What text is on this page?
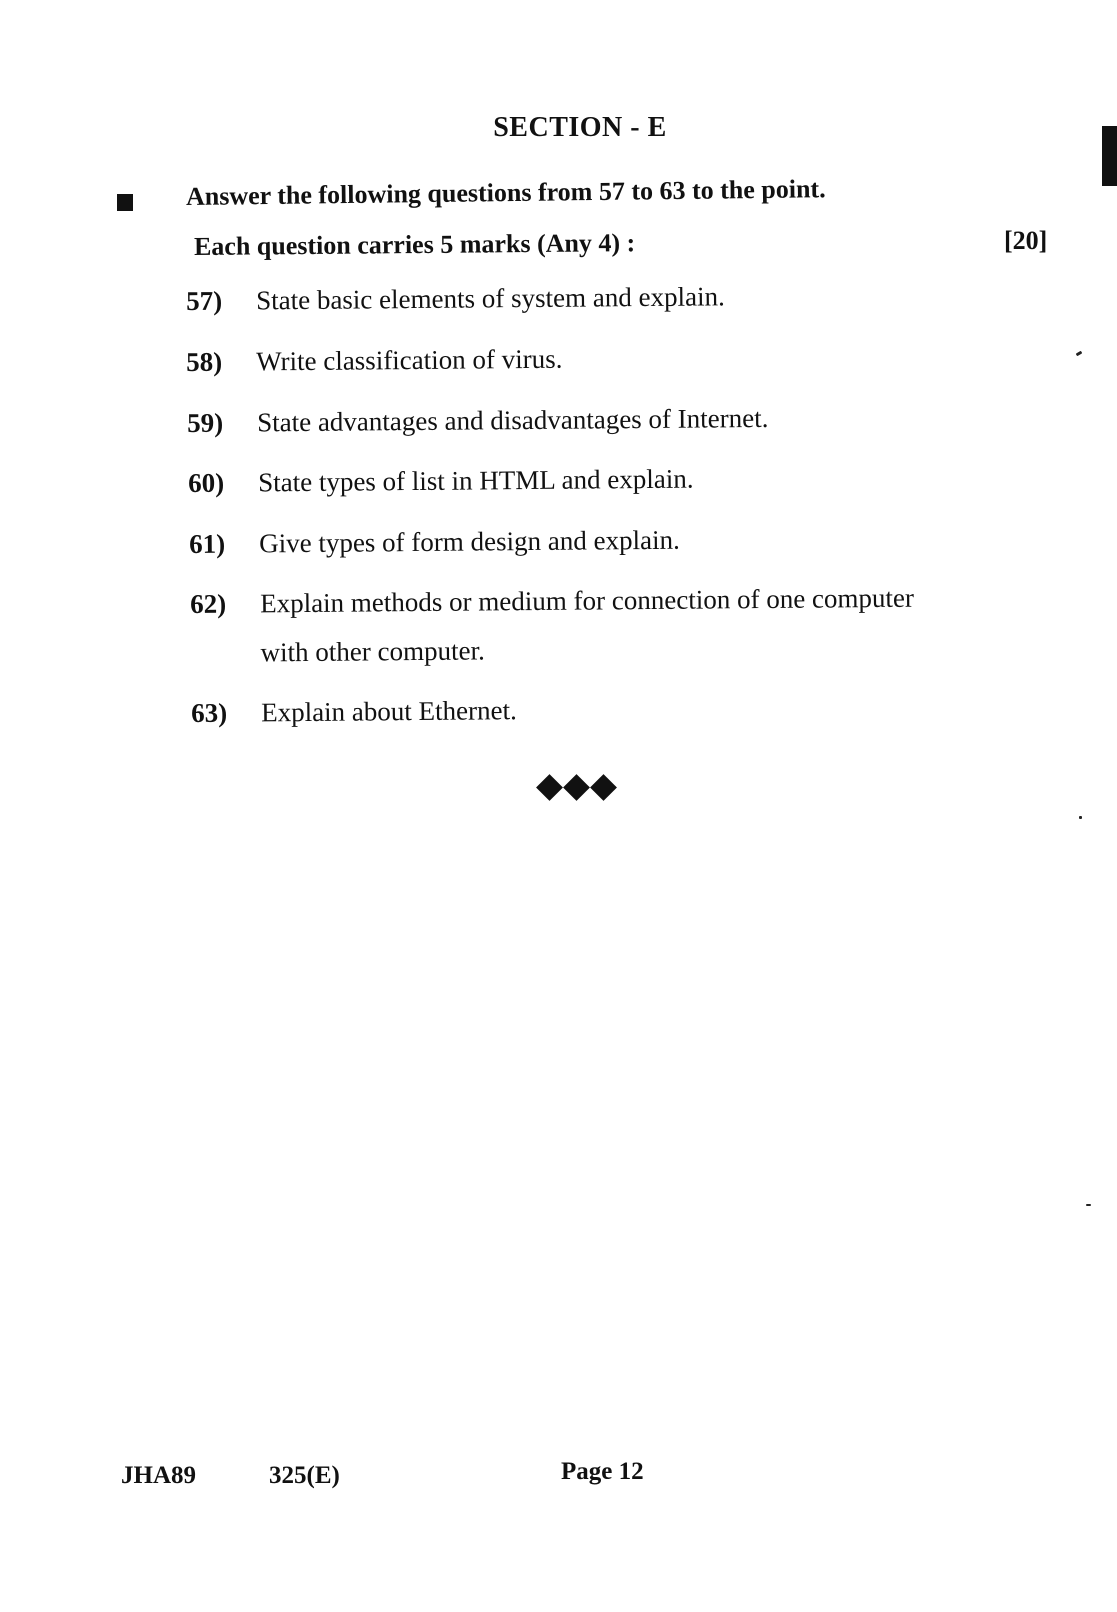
SECTION - E
Answer the following questions from 57 to 63 to the point.
Each question carries 5 marks (Any 4) :	[20]
57) State basic elements of system and explain.
58) Write classification of virus.
59) State advantages and disadvantages of Internet.
60) State types of list in HTML and explain.
61) Give types of form design and explain.
62) Explain methods or medium for connection of one computer
with other computer.
63) Explain about Ethernet.
JHA89	325(E)	Page 12
